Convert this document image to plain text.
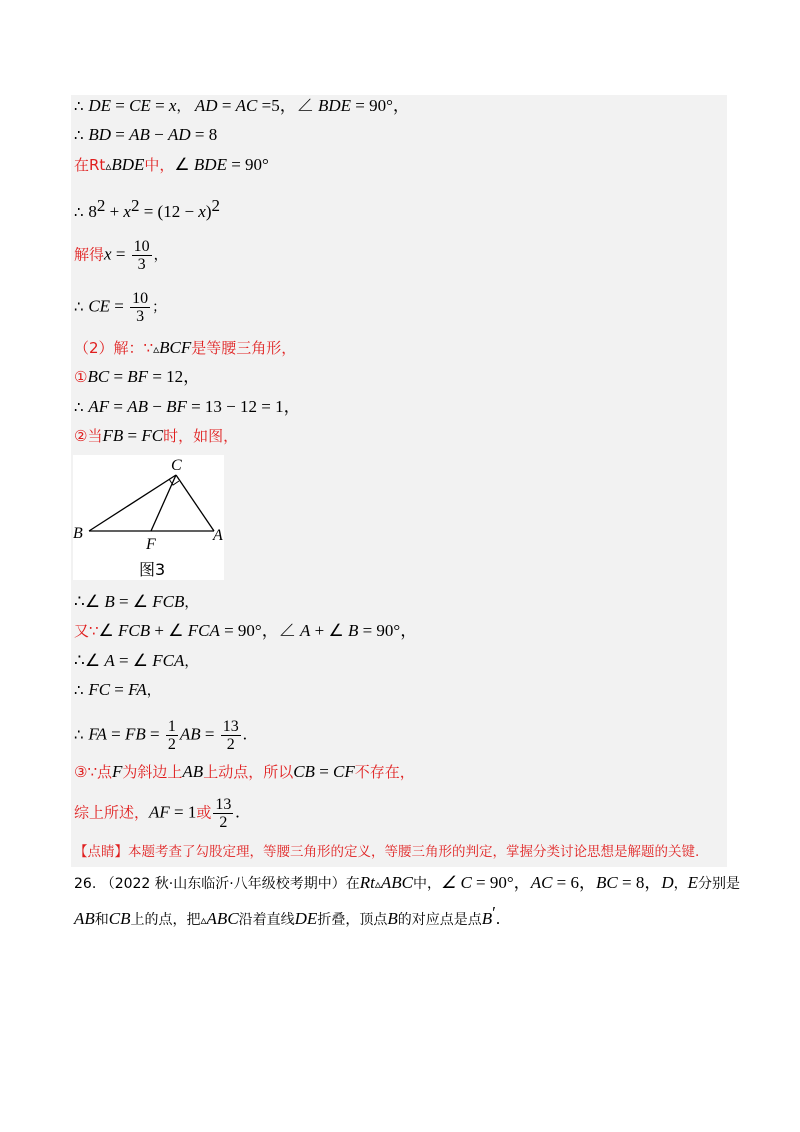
∴ DE = CE = x， AD = AC =5，∠ BDE = 90°，
∴ BD = AB − AD = 8
在Rt▵BDE中，∠ BDE = 90°
∴ $8^2 + x^2 = (12 - x)^2$
解得$x = \frac{10}{3}$ ，
∴ CE = $\frac{10}{3}$ ；
（2）解：∵▵BCF是等腰三角形，
①BC = BF = 12，
∴ AF = AB − BF = 13 − 12 = 1，
②当FB = FC时，如图，
C
B
F
A
图3
∴∠ B = ∠ FCB，
又∵∠ FCB + ∠ FCA = 90°，∠ A + ∠ B = 90°，
∴∠ A = ∠ FCA，
∴ FC = FA，
∴ FA = FB = $\frac{1}{2}$ AB = $\frac{13}{2}$ .
③∵点F为斜边上AB上动点，所以CB = CF不存在，
综上所述，AF = 1或 $\frac{13}{2}$ .
【点睛】本题考查了勾股定理，等腰三角形的定义，等腰三角形的判定，掌握分类讨论思想是解题的关键.
26. （2022 秋·山东临沂·八年级校考期中）在Rt▵ABC中，∠ C = 90°，AC = 6，BC = 8，D，E分别是
AB和CB上的点，把▵ABC沿着直线DE折叠，顶点B的对应点是点B′.
